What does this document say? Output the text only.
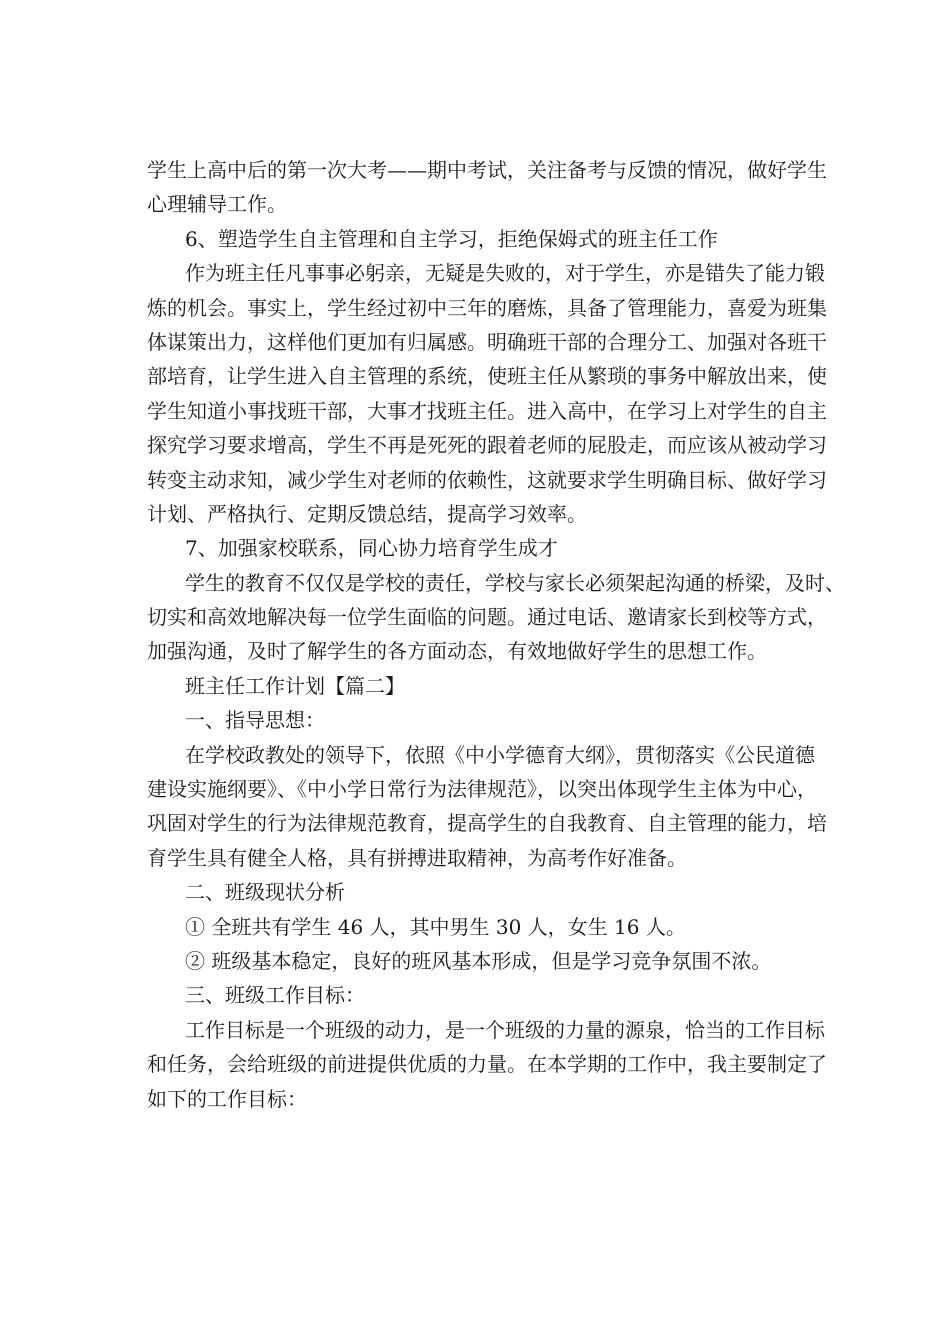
学生上高中后的第一次大考——期中考试，关注备考与反馈的情况，做好学生

心理辅导工作。

6、塑造学生自主管理和自主学习，拒绝保姆式的班主任工作

作为班主任凡事事必躬亲，无疑是失败的，对于学生，亦是错失了能力锻

炼的机会。事实上，学生经过初中三年的磨炼，具备了管理能力，喜爱为班集

体谋策出力，这样他们更加有归属感。明确班干部的合理分工、加强对各班干

部培育，让学生进入自主管理的系统，使班主任从繁琐的事务中解放出来，使

学生知道小事找班干部，大事才找班主任。进入高中，在学习上对学生的自主

探究学习要求增高，学生不再是死死的跟着老师的屁股走，而应该从被动学习

转变主动求知，减少学生对老师的依赖性，这就要求学生明确目标、做好学习

计划、严格执行、定期反馈总结，提高学习效率。

7、加强家校联系，同心协力培育学生成才

学生的教育不仅仅是学校的责任，学校与家长必须架起沟通的桥梁，及时、

切实和高效地解决每一位学生面临的问题。通过电话、邀请家长到校等方式，

加强沟通，及时了解学生的各方面动态，有效地做好学生的思想工作。

班主任工作计划【篇二】

一、指导思想：

在学校政教处的领导下，依照《中小学德育大纲》，贯彻落实《公民道德

建设实施纲要》、《中小学日常行为法律规范》，以突出体现学生主体为中心，

巩固对学生的行为法律规范教育，提高学生的自我教育、自主管理的能力，培

育学生具有健全人格，具有拼搏进取精神，为高考作好准备。

二、班级现状分析

① 全班共有学生 46 人，其中男生 30 人，女生 16 人。

② 班级基本稳定，良好的班风基本形成，但是学习竞争氛围不浓。

三、班级工作目标：

工作目标是一个班级的动力，是一个班级的力量的源泉，恰当的工作目标

和任务，会给班级的前进提供优质的力量。在本学期的工作中，我主要制定了

如下的工作目标：
